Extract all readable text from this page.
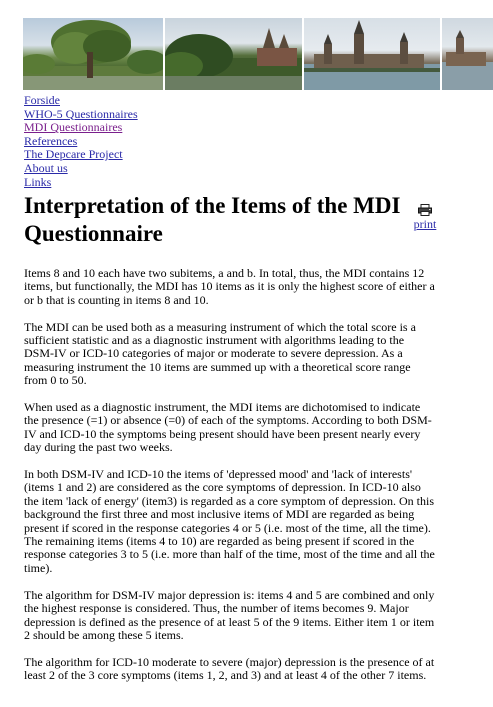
Forside
WHO-5 Questionnaires
MDI Questionnaires
References
The Depcare Project
About us
Links
Interpretation of the Items of the MDI Questionnaire	print

Items 8 and 10 each have two subitems, a and b. In total, thus, the MDI contains 12 items, but functionally, the MDI has 10 items as it is only the highest score of either a or b that is counting in items 8 and 10.

The MDI can be used both as a measuring instrument of which the total score is a sufficient statistic and as a diagnostic instrument with algorithms leading to the DSM-IV or ICD-10 categories of major or moderate to severe depression. As a measuring instrument the 10 items are summed up with a theoretical score range from 0 to 50.

When used as a diagnostic instrument, the MDI items are dichotomised to indicate the presence (=1) or absence (=0) of each of the symptoms. According to both DSM-IV and ICD-10 the symptoms being present should have been present nearly every day during the past two weeks.

In both DSM-IV and ICD-10 the items of 'depressed mood' and 'lack of interests' (items 1 and 2) are considered as the core symptoms of depression. In ICD-10 also the item 'lack of energy' (item3) is regarded as a core symptom of depression. On this background the first three and most inclusive items of MDI are regarded as being present if scored in the response categories 4 or 5 (i.e. most of the time, all the time). The remaining items (items 4 to 10) are regarded as being present if scored in the response categories 3 to 5 (i.e. more than half of the time, most of the time and all the time).

The algorithm for DSM-IV major depression is: items 4 and 5 are combined and only the highest response is considered. Thus, the number of items becomes 9. Major depression is defined as the presence of at least 5 of the 9 items. Either item 1 or item 2 should be among these 5 items.

The algorithm for ICD-10 moderate to severe (major) depression is the presence of at least 2 of the 3 core symptoms (items 1, 2, and 3) and at least 4 of the other 7 items.
